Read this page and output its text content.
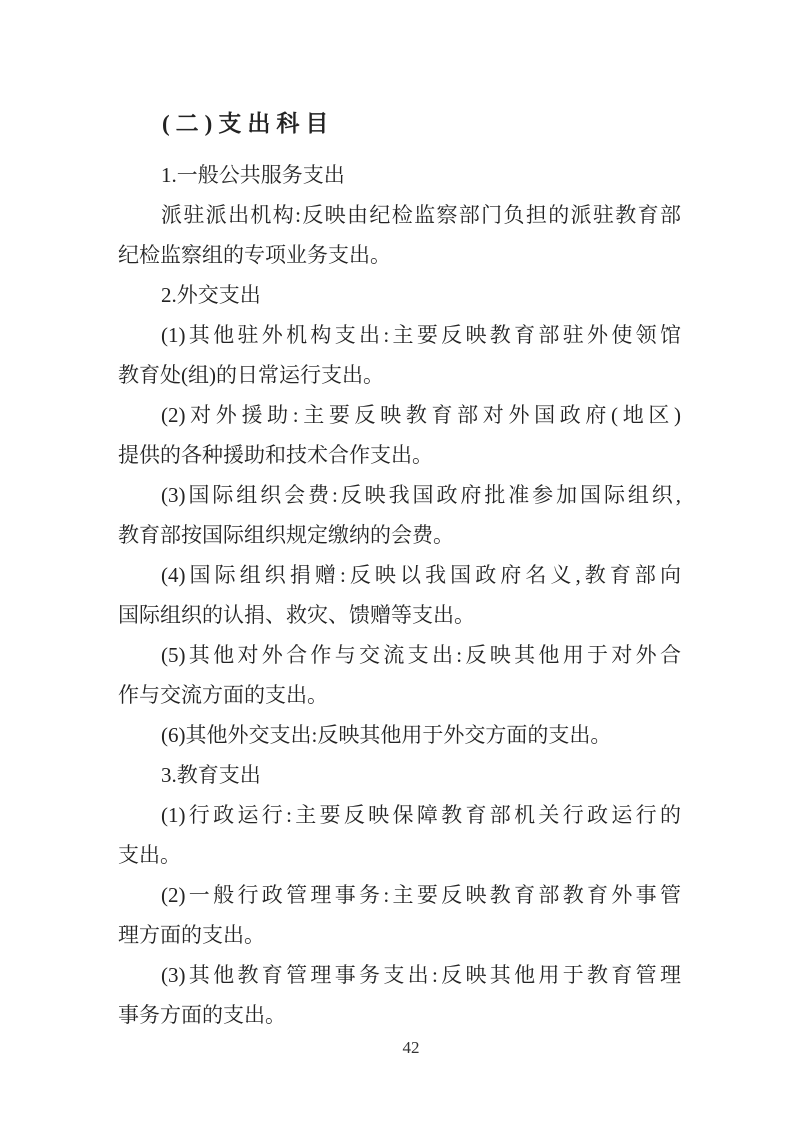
(二)支出科目

1.一般公共服务支出

派驻派出机构:反映由纪检监察部门负担的派驻教育部
纪检监察组的专项业务支出。

2.外交支出

(1)其他驻外机构支出:主要反映教育部驻外使领馆
教育处(组)的日常运行支出。

(2)对外援助:主要反映教育部对外国政府(地区)
提供的各种援助和技术合作支出。

(3)国际组织会费:反映我国政府批准参加国际组织,
教育部按国际组织规定缴纳的会费。

(4)国际组织捐赠:反映以我国政府名义,教育部向
国际组织的认捐、救灾、馈赠等支出。

(5)其他对外合作与交流支出:反映其他用于对外合
作与交流方面的支出。

(6)其他外交支出:反映其他用于外交方面的支出。

3.教育支出

(1)行政运行:主要反映保障教育部机关行政运行的
支出。

(2)一般行政管理事务:主要反映教育部教育外事管
理方面的支出。

(3)其他教育管理事务支出:反映其他用于教育管理
事务方面的支出。

42
